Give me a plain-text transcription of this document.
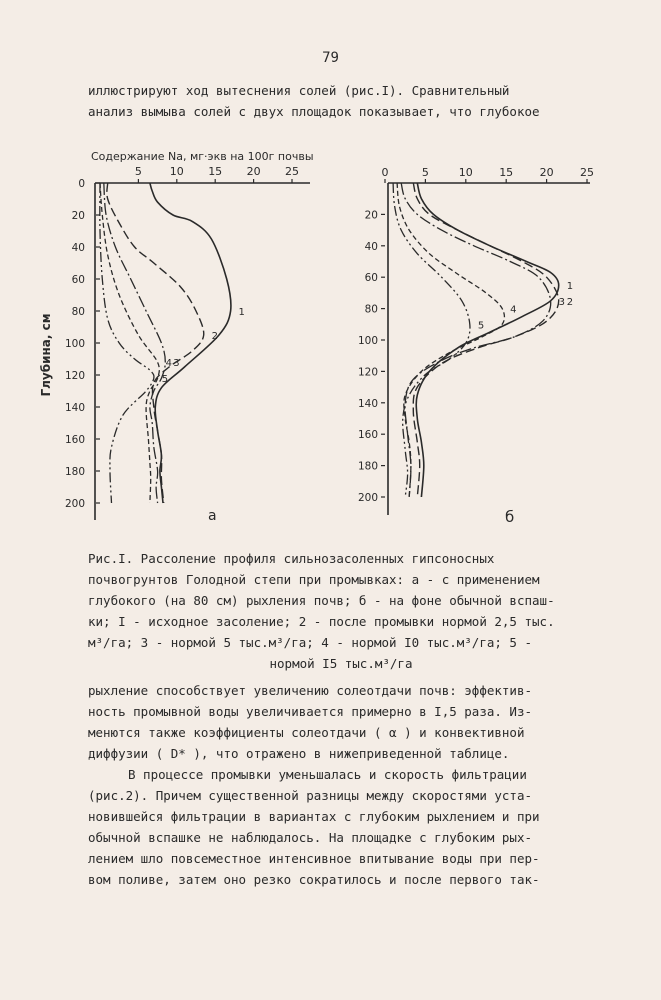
79

иллюстрируют ход вытеснения солей (рис.I). Сравнительный
анализ вымыва солей с двух площадок показывает, что глубокое

Содержание Na, мг·экв на 100г почвы
5	10 15 20 25
0
20
40
60
80
100
120
140
160
180
200
1
2
3
4
5
Глубина, см
а
0	5	10 15 20 25
20
40
60
80
100
120
140
160
180
200
1
2
3
4
5
б
Рис.I. Рассоление профиля сильнозасоленных гипсоносных
почвогрунтов Голодной степи при промывках: а - с применением
глубокого (на 80 см) рыхления почв; б - на фоне обычной вспаш-
ки; I - исходное засоление; 2 - после промывки нормой 2,5 тыс.
м³/га; 3 - нормой 5 тыс.м³/га; 4 - нормой I0 тыс.м³/га; 5 -
нормой I5 тыс.м³/га
рыхление способствует увеличению солеотдачи почв: эффектив-
ность промывной воды увеличивается примерно в I,5 раза. Из-
менются также коэффициенты солеотдачи ( α ) и конвективной
диффузии ( D* ), что отражено в нижеприведенной таблице.
В процессе промывки уменьшалась и скорость фильтрации
(рис.2). Причем существенной разницы между скоростями уста-
новившейся фильтрации в вариантах с глубоким рыхлением и при
обычной вспашке не наблюдалось. На площадке с глубоким рых-
лением шло повсеместное интенсивное впитывание воды при пер-
вом поливе, затем оно резко сократилось и после первого так-
